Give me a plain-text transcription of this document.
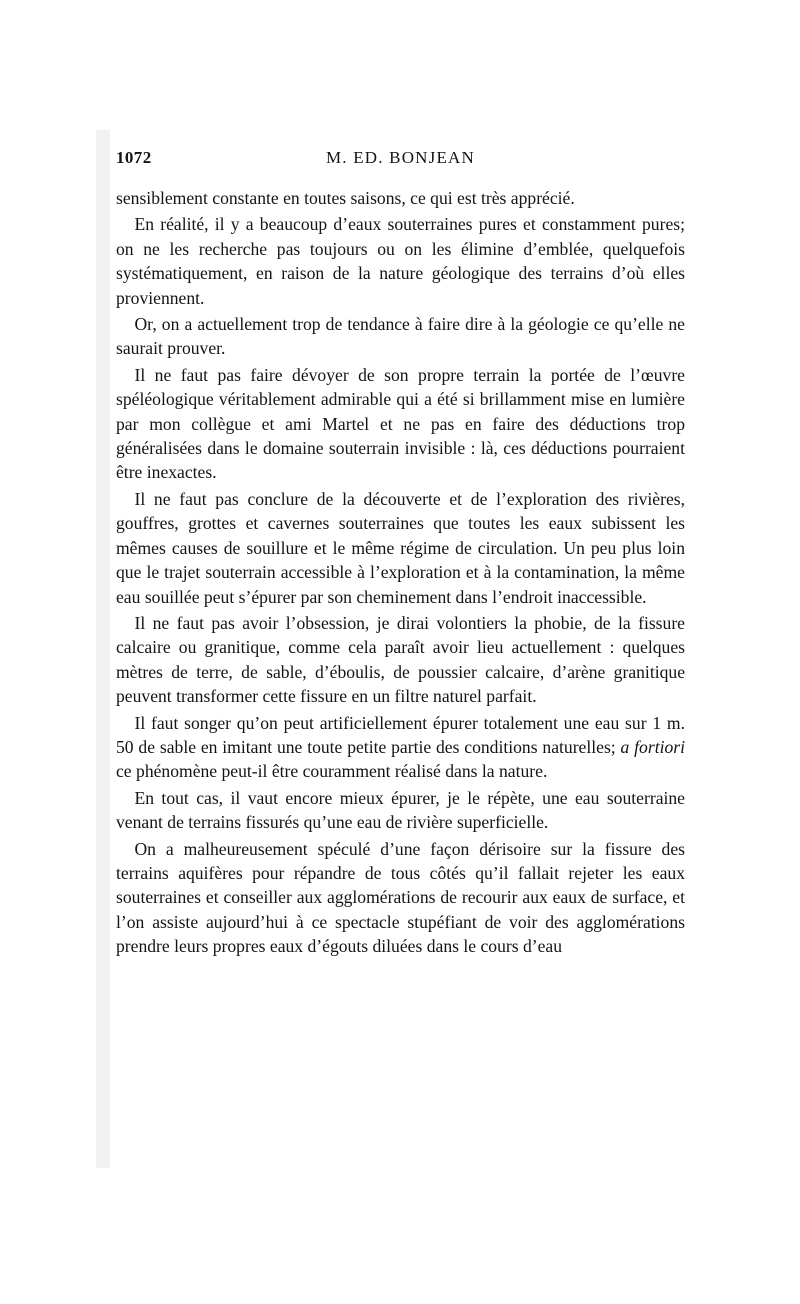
1072	M. ED. BONJEAN

sensiblement constante en toutes saisons, ce qui est très apprécié.

En réalité, il y a beaucoup d’eaux souterraines pures et constamment pures; on ne les recherche pas toujours ou on les élimine d’emblée, quelquefois systématiquement, en raison de la nature géologique des terrains d’où elles proviennent.

Or, on a actuellement trop de tendance à faire dire à la géologie ce qu’elle ne saurait prouver.

Il ne faut pas faire dévoyer de son propre terrain la portée de l’œuvre spéléologique véritablement admirable qui a été si brillamment mise en lumière par mon collègue et ami Martel et ne pas en faire des déductions trop généralisées dans le domaine souterrain invisible : là, ces déductions pourraient être inexactes.

Il ne faut pas conclure de la découverte et de l’exploration des rivières, gouffres, grottes et cavernes souterraines que toutes les eaux subissent les mêmes causes de souillure et le même régime de circulation. Un peu plus loin que le trajet souterrain accessible à l’exploration et à la contamination, la même eau souillée peut s’épurer par son cheminement dans l’endroit inaccessible.

Il ne faut pas avoir l’obsession, je dirai volontiers la phobie, de la fissure calcaire ou granitique, comme cela paraît avoir lieu actuellement : quelques mètres de terre, de sable, d’éboulis, de poussier calcaire, d’arène granitique peuvent transformer cette fissure en un filtre naturel parfait.

Il faut songer qu’on peut artificiellement épurer totalement une eau sur 1 m. 50 de sable en imitant une toute petite partie des conditions naturelles; a fortiori ce phénomène peut-il être couramment réalisé dans la nature.

En tout cas, il vaut encore mieux épurer, je le répète, une eau souterraine venant de terrains fissurés qu’une eau de rivière superficielle.

On a malheureusement spéculé d’une façon dérisoire sur la fissure des terrains aquifères pour répandre de tous côtés qu’il fallait rejeter les eaux souterraines et conseiller aux agglomérations de recourir aux eaux de surface, et l’on assiste aujourd’hui à ce spectacle stupéfiant de voir des agglomérations prendre leurs propres eaux d’égouts diluées dans le cours d’eau
